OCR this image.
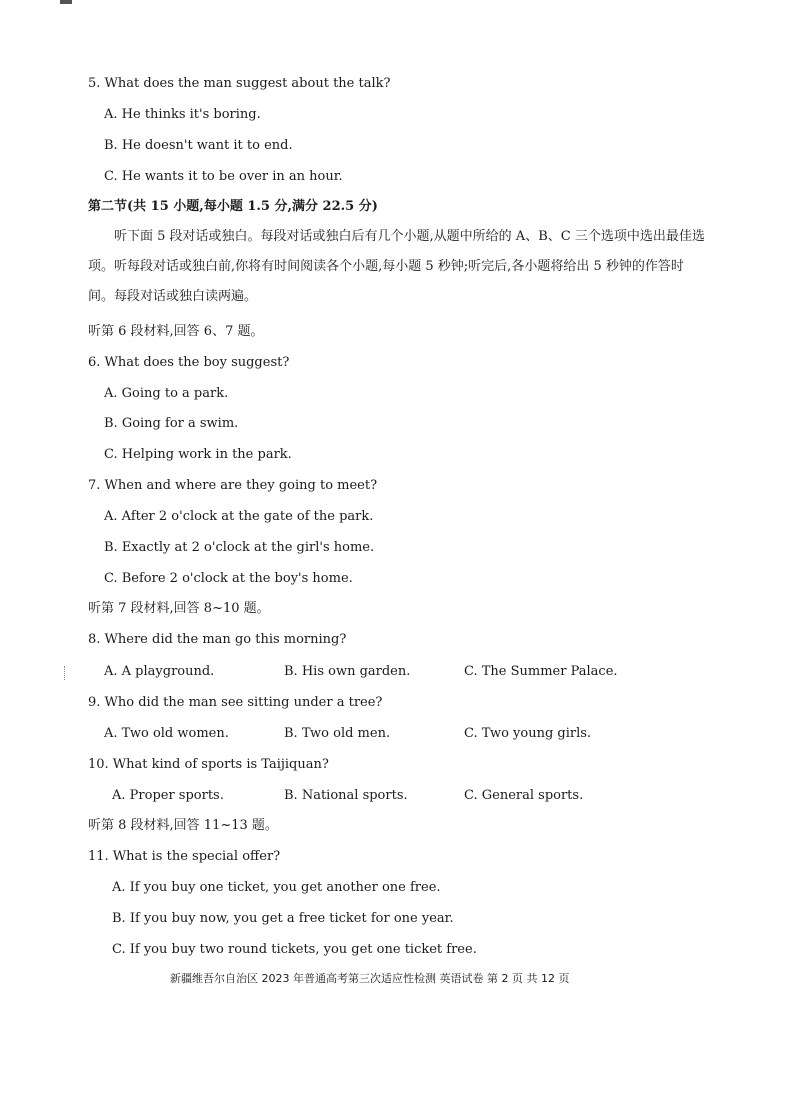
5. What does the man suggest about the talk?
A. He thinks it's boring.
B. He doesn't want it to end.
C. He wants it to be over in an hour.
第二节(共 15 小题,每小题 1.5 分,满分 22.5 分)
听下面 5 段对话或独白。每段对话或独白后有几个小题,从题中所给的 A、B、C 三个选项中选出最佳选项。听每段对话或独白前,你将有时间阅读各个小题,每小题 5 秒钟;听完后,各小题将给出 5 秒钟的作答时间。每段对话或独白读两遍。
听第 6 段材料,回答 6、7 题。
6. What does the boy suggest?
A. Going to a park.
B. Going for a swim.
C. Helping work in the park.
7. When and where are they going to meet?
A. After 2 o'clock at the gate of the park.
B. Exactly at 2 o'clock at the girl's home.
C. Before 2 o'clock at the boy's home.
听第 7 段材料,回答 8~10 题。
8. Where did the man go this morning?
A. A playground.	B. His own garden.	C. The Summer Palace.
9. Who did the man see sitting under a tree?
A. Two old women.	B. Two old men.	C. Two young girls.
10. What kind of sports is Taijiquan?
A. Proper sports.	B. National sports.	C. General sports.
听第 8 段材料,回答 11~13 题。
11. What is the special offer?
A. If you buy one ticket, you get another one free.
B. If you buy now, you get a free ticket for one year.
C. If you buy two round tickets, you get one ticket free.
新疆维吾尔自治区 2023 年普通高考第三次适应性检测 英语试卷 第 2 页 共 12 页
